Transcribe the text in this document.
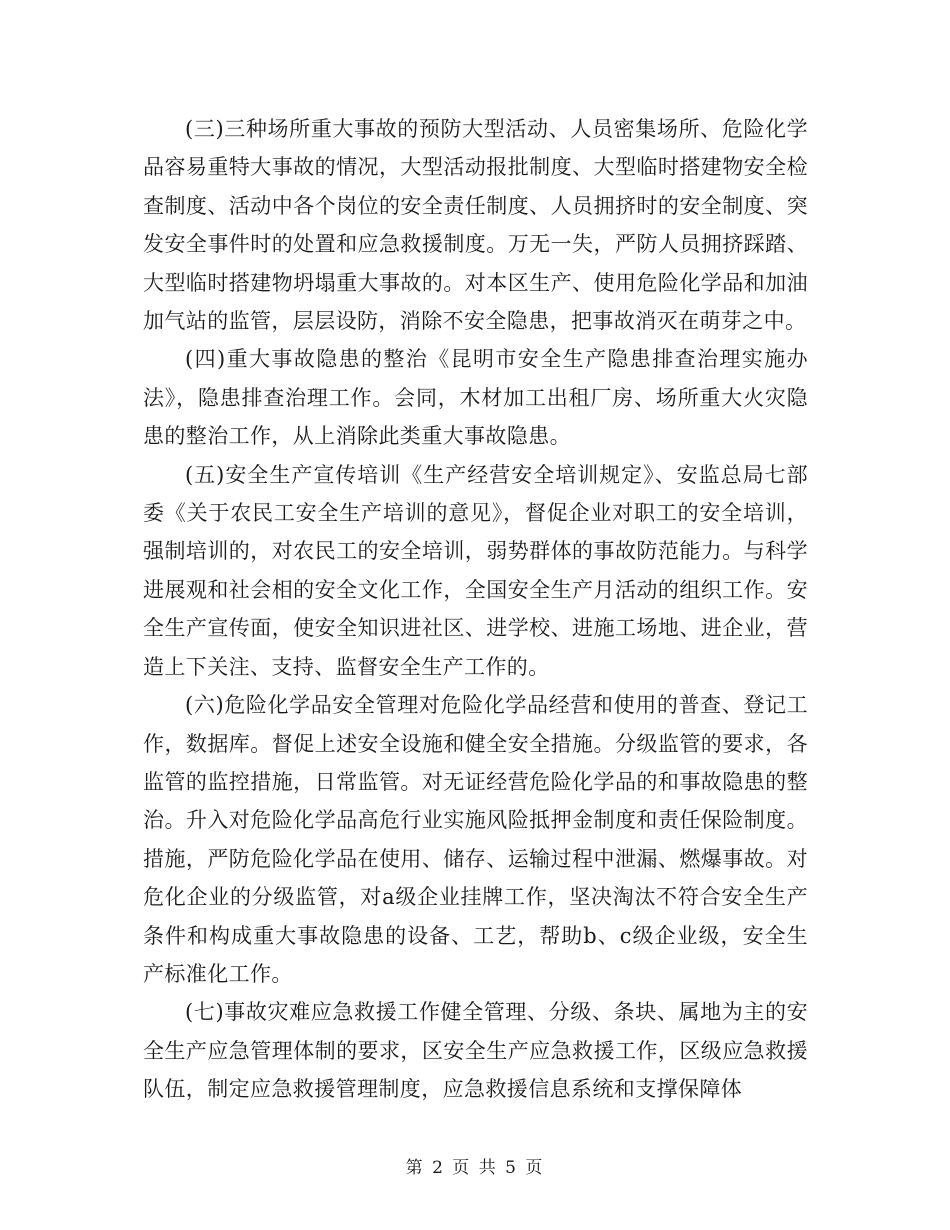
(三)三种场所重大事故的预防大型活动、人员密集场所、危险化学品容易重特大事故的情况，大型活动报批制度、大型临时搭建物安全检查制度、活动中各个岗位的安全责任制度、人员拥挤时的安全制度、突发安全事件时的处置和应急救援制度。万无一失，严防人员拥挤踩踏、大型临时搭建物坍塌重大事故的。对本区生产、使用危险化学品和加油加气站的监管，层层设防，消除不安全隐患，把事故消灭在萌芽之中。

(四)重大事故隐患的整治《昆明市安全生产隐患排查治理实施办法》，隐患排查治理工作。会同，木材加工出租厂房、场所重大火灾隐患的整治工作，从上消除此类重大事故隐患。

(五)安全生产宣传培训《生产经营安全培训规定》、安监总局七部委《关于农民工安全生产培训的意见》，督促企业对职工的安全培训，强制培训的，对农民工的安全培训，弱势群体的事故防范能力。与科学进展观和社会相的安全文化工作，全国安全生产月活动的组织工作。安全生产宣传面，使安全知识进社区、进学校、进施工场地、进企业，营造上下关注、支持、监督安全生产工作的。

(六)危险化学品安全管理对危险化学品经营和使用的普查、登记工作，数据库。督促上述安全设施和健全安全措施。分级监管的要求，各监管的监控措施，日常监管。对无证经营危险化学品的和事故隐患的整治。升入对危险化学品高危行业实施风险抵押金制度和责任保险制度。措施，严防危险化学品在使用、储存、运输过程中泄漏、燃爆事故。对危化企业的分级监管，对a级企业挂牌工作，坚决淘汰不符合安全生产条件和构成重大事故隐患的设备、工艺，帮助b、c级企业级，安全生产标准化工作。

(七)事故灾难应急救援工作健全管理、分级、条块、属地为主的安全生产应急管理体制的要求，区安全生产应急救援工作，区级应急救援队伍，制定应急救援管理制度，应急救援信息系统和支撑保障体

第 2 页 共 5 页
